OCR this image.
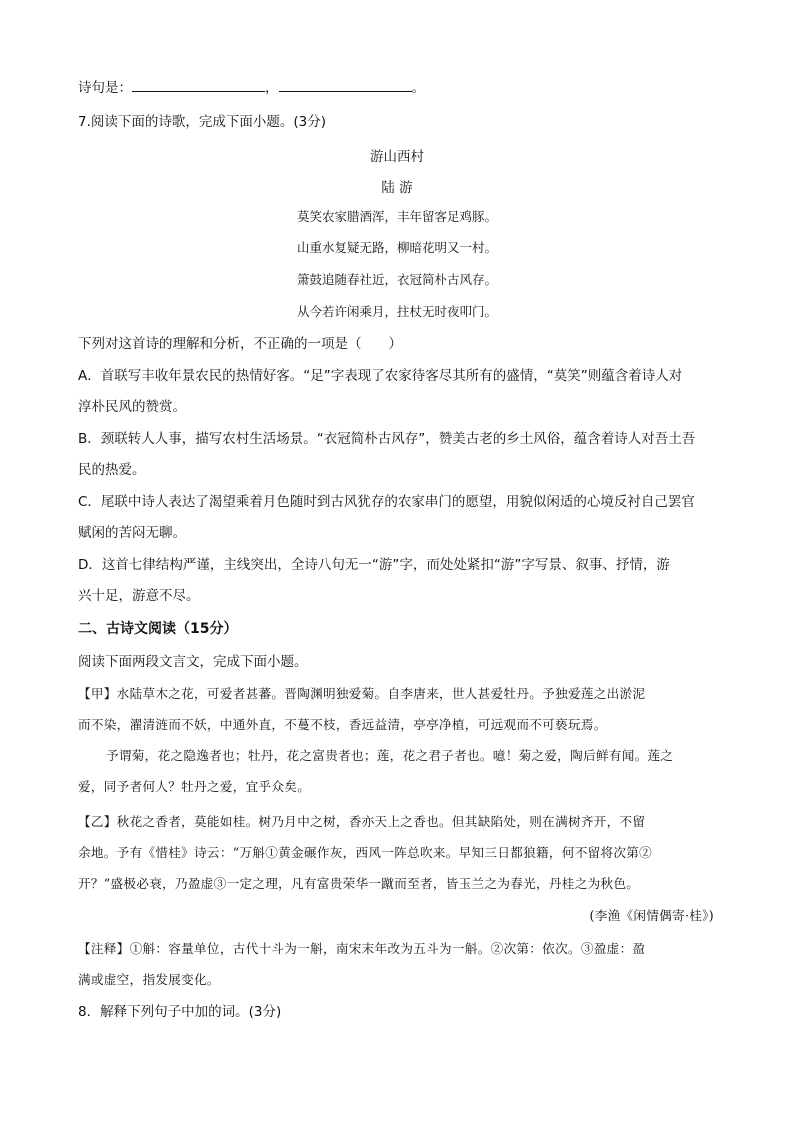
诗句是：	，	。
7.阅读下面的诗歌，完成下面小题。(3分)
游山西村
陆 游
莫笑农家腊酒浑，丰年留客足鸡豚。
山重水复疑无路，柳暗花明又一村。
箫鼓追随春社近，衣冠简朴古风存。
从今若许闲乘月，拄杖无时夜叩门。
下列对这首诗的理解和分析，不正确的一项是（　　）
A．首联写丰收年景农民的热情好客。“足”字表现了农家待客尽其所有的盛情，“莫笑”则蕴含着诗人对
淳朴民风的赞赏。
B．颈联转人人事，描写农村生活场景。“衣冠简朴古风存”，赞美古老的乡土风俗，蕴含着诗人对吾土吾
民的热爱。
C．尾联中诗人表达了渴望乘着月色随时到古风犹存的农家串门的愿望，用貌似闲适的心境反衬自己罢官
赋闲的苦闷无聊。
D．这首七律结构严谨，主线突出，全诗八句无一“游”字，而处处紧扣“游”字写景、叙事、抒情，游
兴十足，游意不尽。
二、古诗文阅读（15分）
阅读下面两段文言文，完成下面小题。
【甲】水陆草木之花，可爱者甚蕃。晋陶渊明独爱菊。自李唐来，世人甚爱牡丹。予独爱莲之出淤泥
而不染，濯清涟而不妖，中通外直，不蔓不枝，香远益清，亭亭净植，可远观而不可亵玩焉。
予谓菊，花之隐逸者也；牡丹，花之富贵者也；莲，花之君子者也。噫！菊之爱，陶后鲜有闻。莲之
爱，同予者何人？牡丹之爱，宜乎众矣。
【乙】秋花之香者，莫能如桂。树乃月中之树，香亦天上之香也。但其缺陷处，则在满树齐开，不留
余地。予有《惜桂》诗云：“万斛①黄金碾作灰，西风一阵总吹来。早知三日都狼籍，何不留将次第②
开？”盛极必衰，乃盈虚③一定之理，凡有富贵荣华一蹴而至者，皆玉兰之为春光，丹桂之为秋色。
(李渔《闲情偶寄·桂》)
【注释】①斛：容量单位，古代十斗为一斛，南宋末年改为五斗为一斛。②次第：依次。③盈虚：盈
满或虚空，指发展变化。
8．解释下列句子中加的词。(3分)
